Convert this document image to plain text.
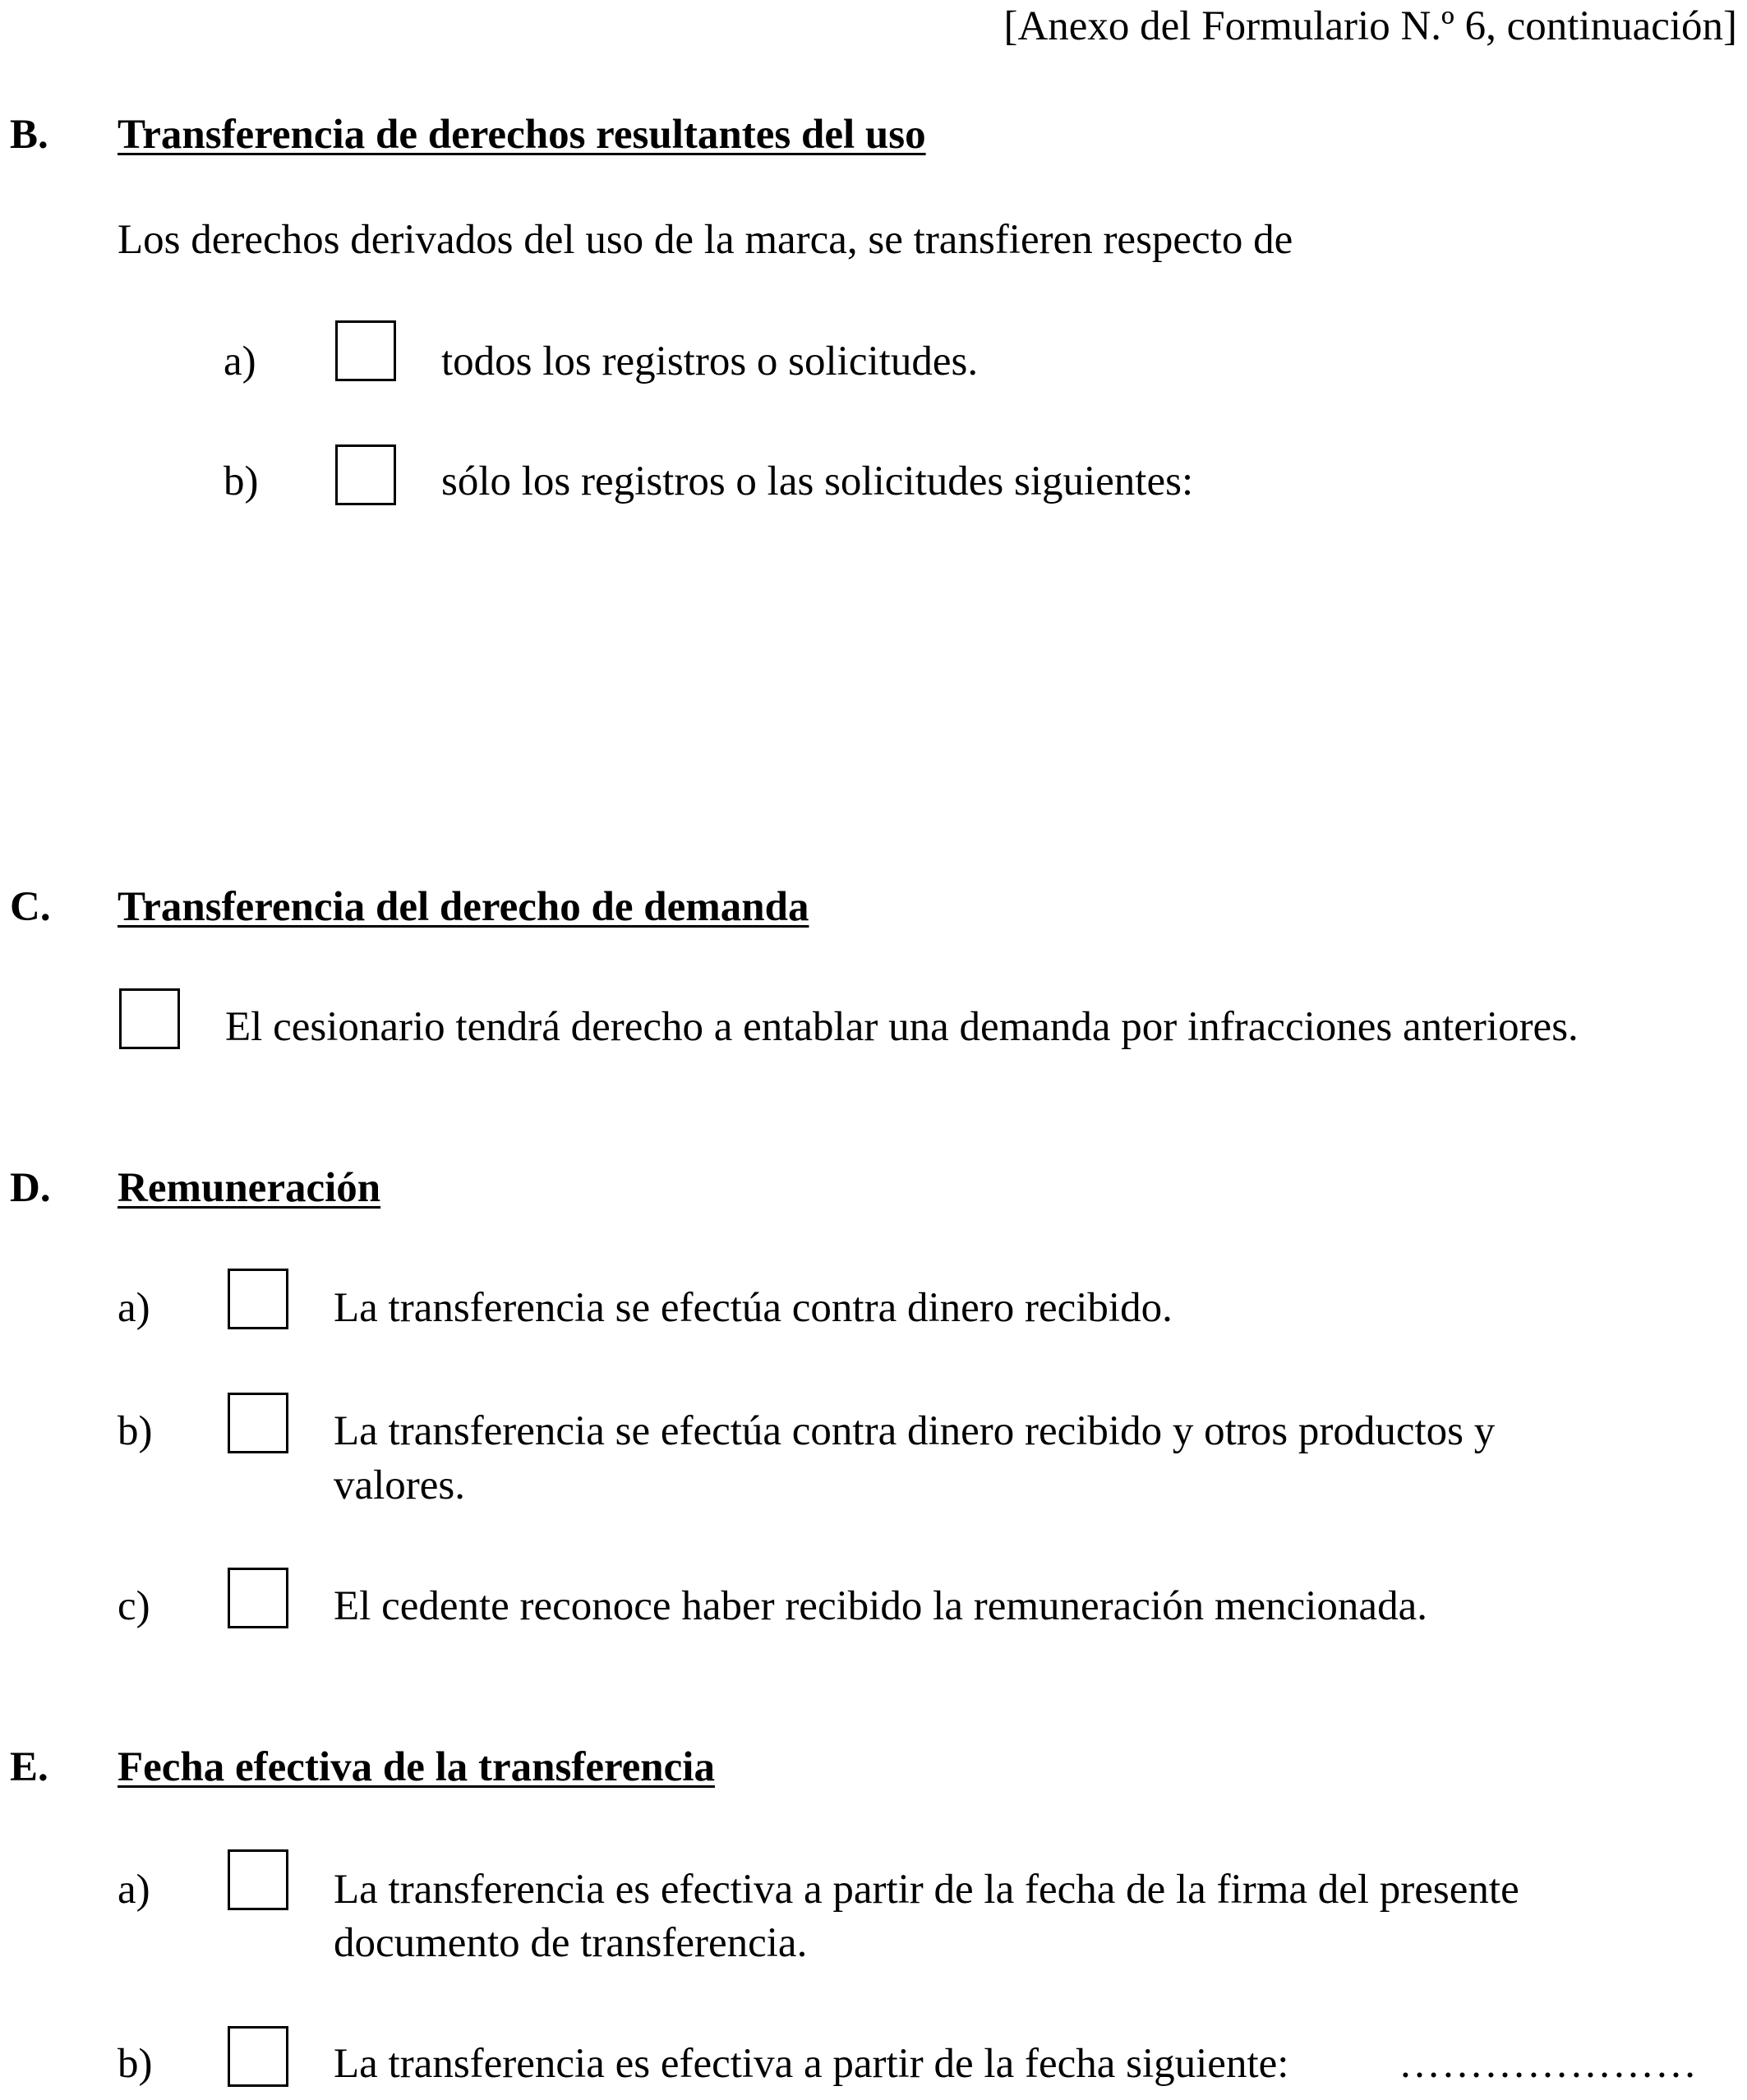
[Anexo del Formulario N.º 6, continuación]
B. Transferencia de derechos resultantes del uso
Los derechos derivados del uso de la marca, se transfieren respecto de
a)	todos los registros o solicitudes.
b)	sólo los registros o las solicitudes siguientes:
C. Transferencia del derecho de demanda
El cesionario tendrá derecho a entablar una demanda por infracciones anteriores.
D. Remuneración
a)	La transferencia se efectúa contra dinero recibido.
b)	La transferencia se efectúa contra dinero recibido y otros productos y
valores.
c)	El cedente reconoce haber recibido la remuneración mencionada.
E. Fecha efectiva de la transferencia
a)	La transferencia es efectiva a partir de la fecha de la firma del presente
documento de transferencia.
b)	La transferencia es efectiva a partir de la fecha siguiente:	…………………
